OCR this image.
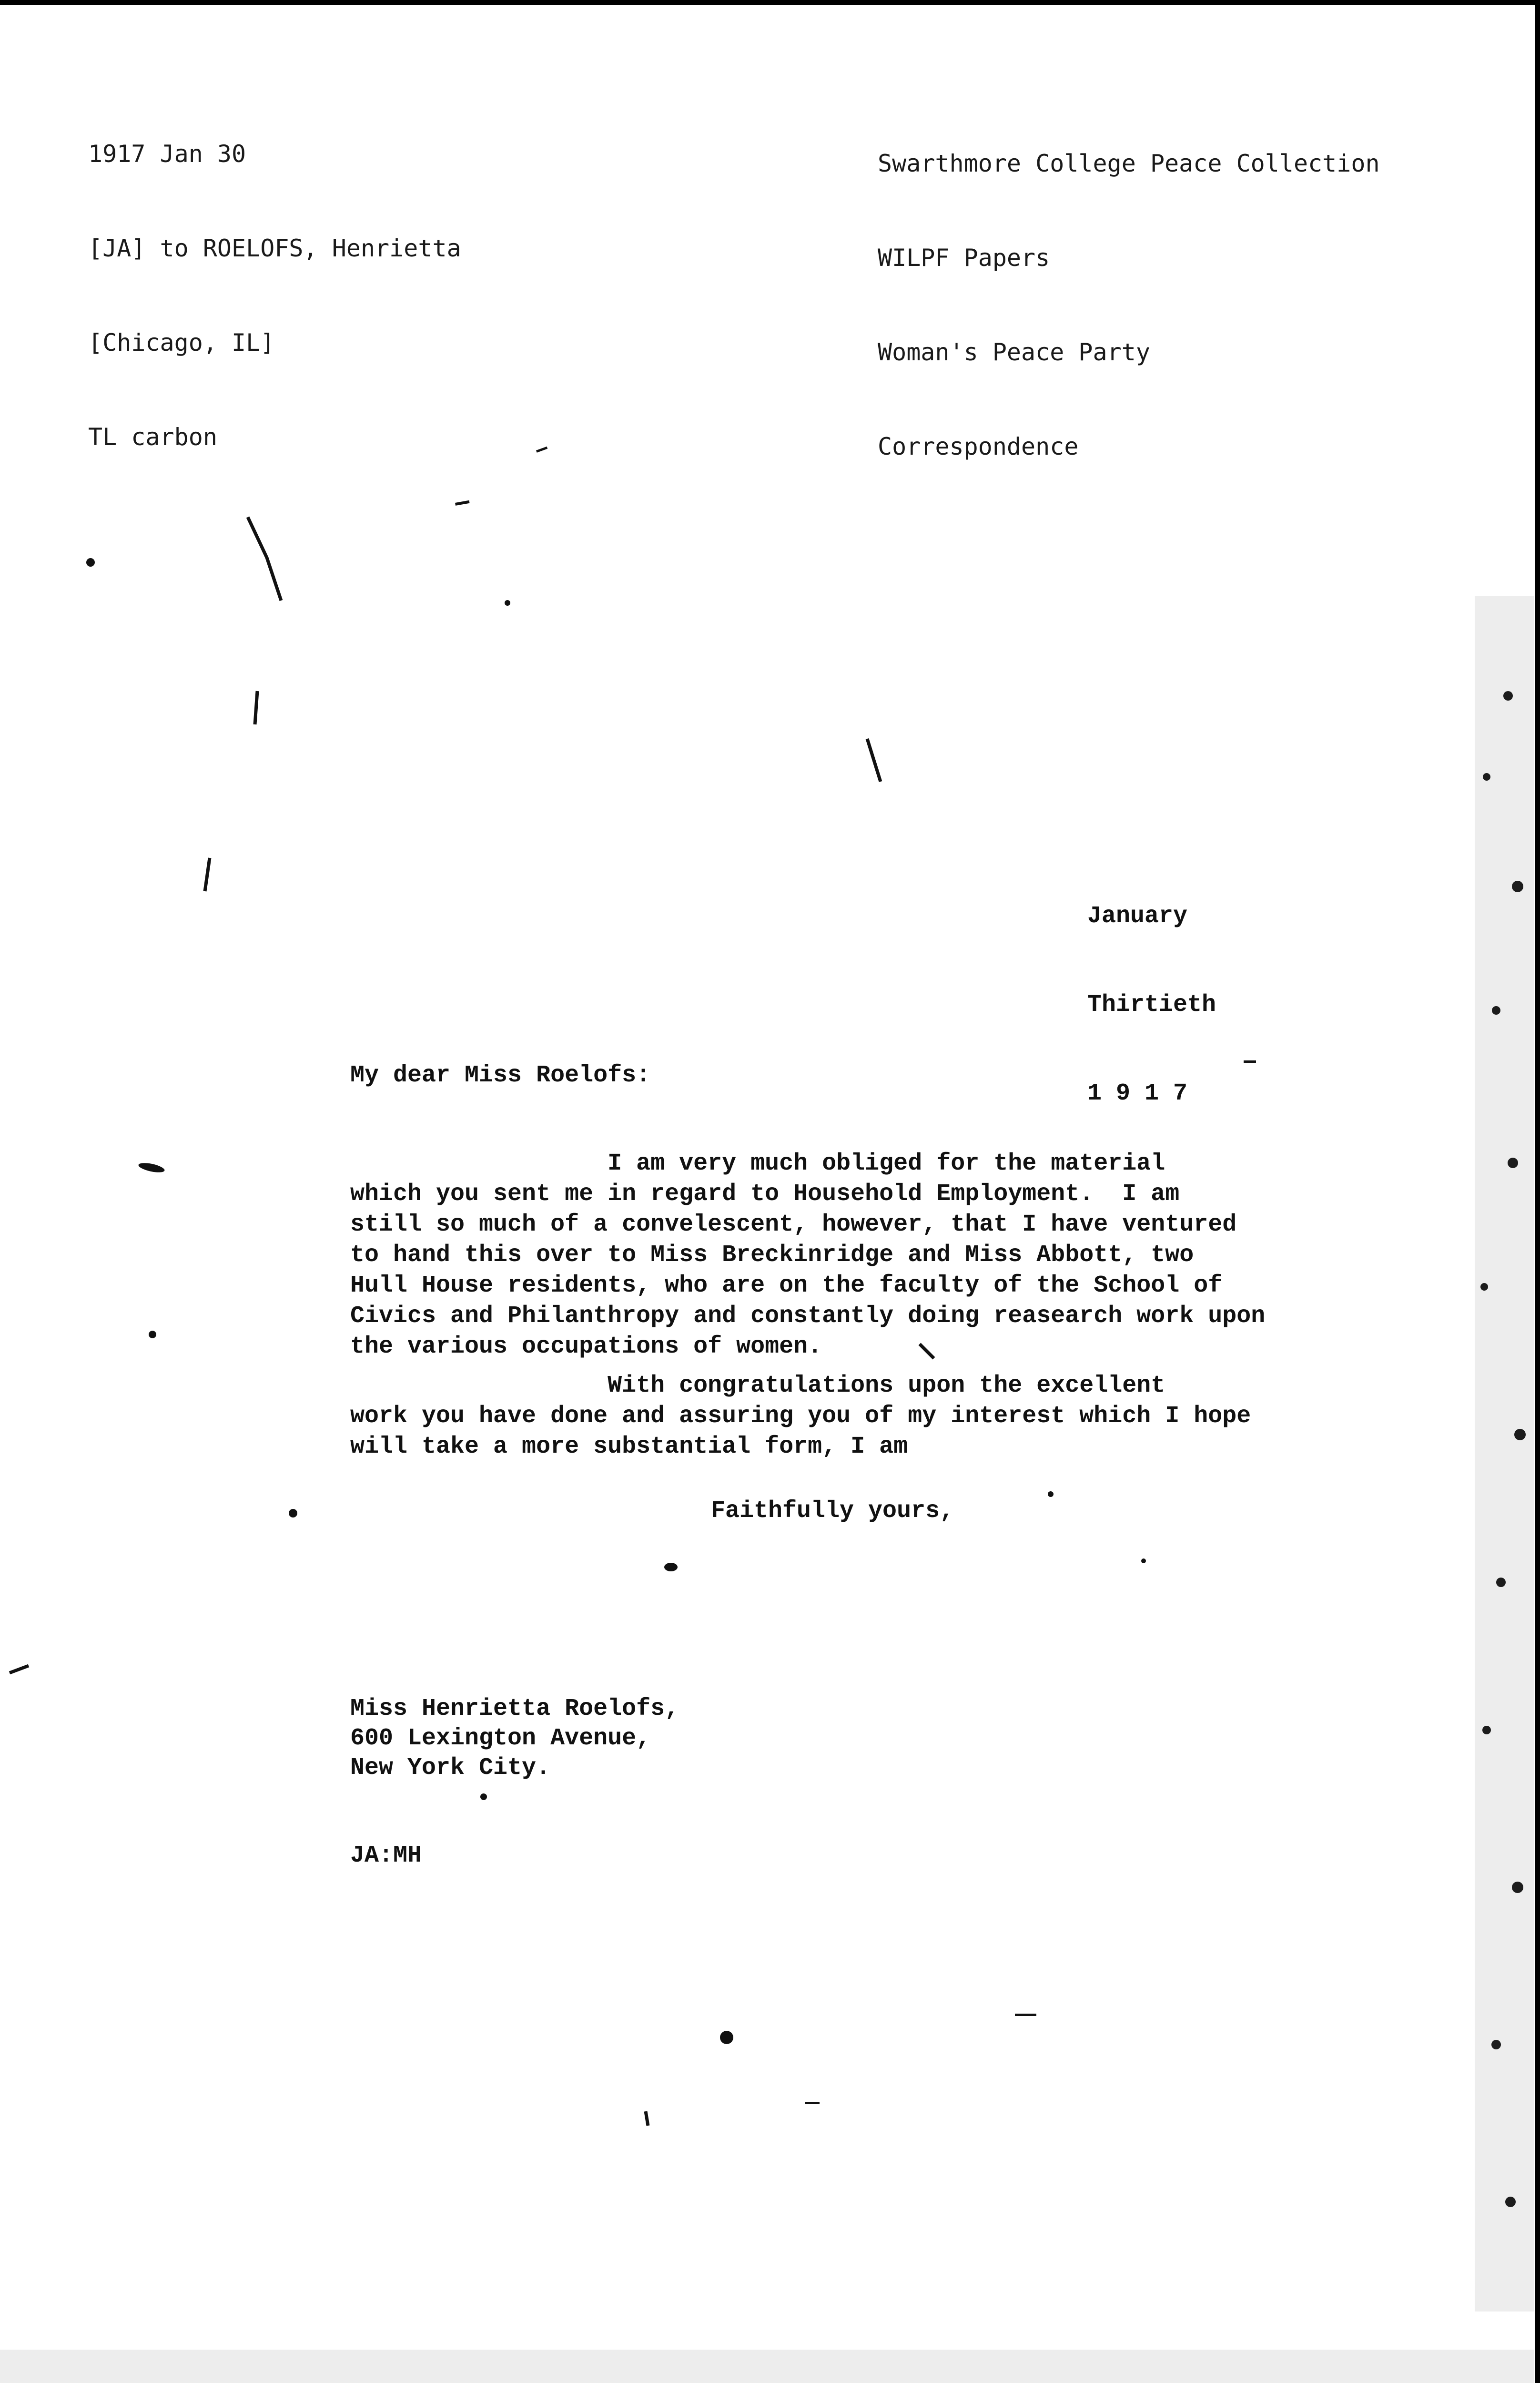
1917 Jan 30

[JA] to ROELOFS, Henrietta

[Chicago, IL]

TL carbon

Swarthmore College Peace Collection

WILPF Papers

Woman's Peace Party

Correspondence

January

Thirtieth

1 9 1 7

My dear Miss Roelofs:
I am very much obliged for the material
which you sent me in regard to Household Employment.  I am
still so much of a convelescent, however, that I have ventured
to hand this over to Miss Breckinridge and Miss Abbott, two
Hull House residents, who are on the faculty of the School of
Civics and Philanthropy and constantly doing reasearch work upon
the various occupations of women.
With congratulations upon the excellent
work you have done and assuring you of my interest which I hope
will take a more substantial form, I am
Faithfully yours,
Miss Henrietta Roelofs,
600 Lexington Avenue,
New York City.
JA:MH
